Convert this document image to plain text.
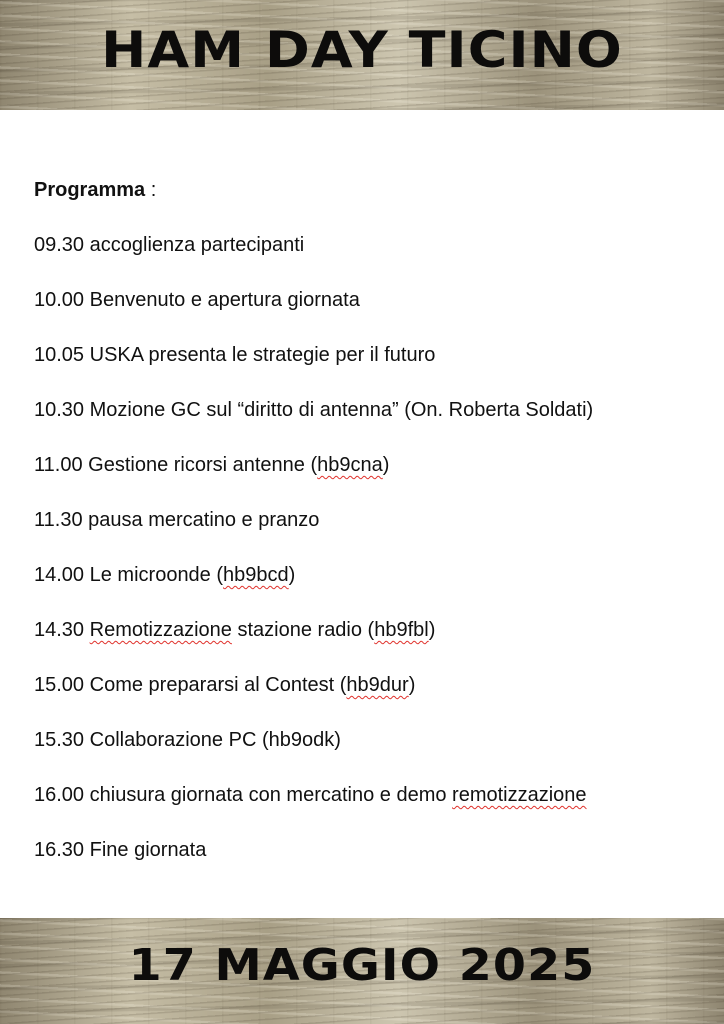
HAM DAY TICINO
Programma :
09.30 accoglienza partecipanti
10.00 Benvenuto e apertura giornata
10.05 USKA presenta le strategie per il futuro
10.30 Mozione GC sul “diritto di antenna” (On. Roberta Soldati)
11.00 Gestione ricorsi antenne (hb9cna)
11.30 pausa mercatino e pranzo
14.00 Le microonde (hb9bcd)
14.30 Remotizzazione stazione radio (hb9fbl)
15.00 Come prepararsi al Contest (hb9dur)
15.30 Collaborazione PC (hb9odk)
16.00 chiusura giornata con mercatino e demo remotizzazione
16.30 Fine giornata
17 MAGGIO 2025
